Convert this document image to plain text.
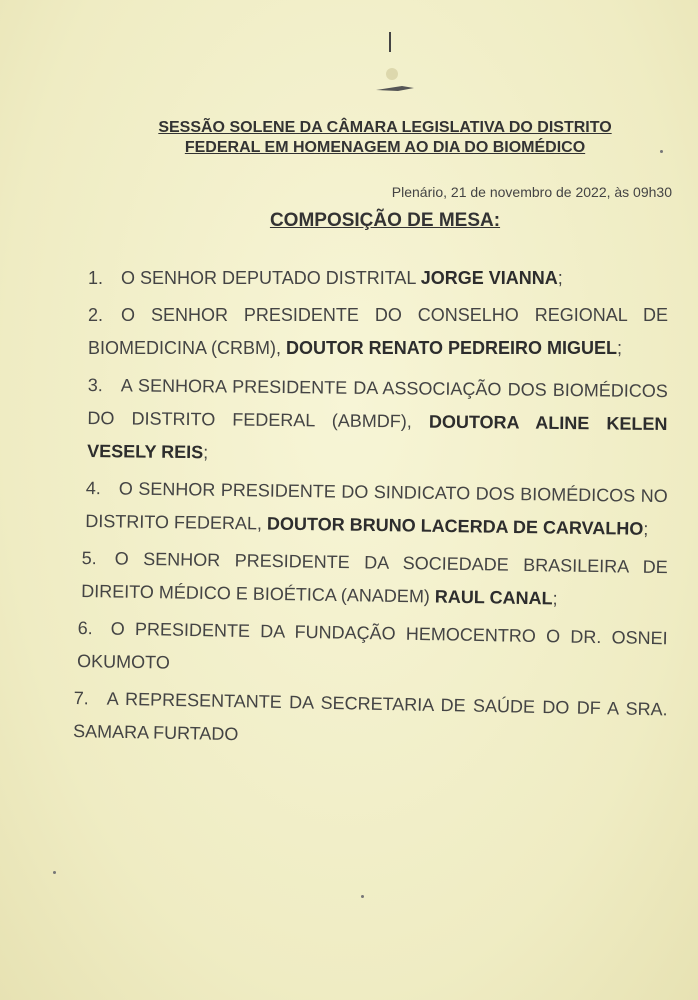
SESSÃO SOLENE DA CÂMARA LEGISLATIVA DO DISTRITO
FEDERAL EM HOMENAGEM AO DIA DO BIOMÉDICO
Plenário, 21 de novembro de 2022, às 09h30
COMPOSIÇÃO DE MESA:
1. O SENHOR DEPUTADO DISTRITAL JORGE VIANNA;
2. O SENHOR PRESIDENTE DO CONSELHO REGIONAL DE BIOMEDICINA (CRBM), DOUTOR RENATO PEDREIRO MIGUEL;
3. A SENHORA PRESIDENTE DA ASSOCIAÇÃO DOS BIOMÉDICOS DO DISTRITO FEDERAL (ABMDF), DOUTORA ALINE KELEN VESELY REIS;
4. O SENHOR PRESIDENTE DO SINDICATO DOS BIOMÉDICOS NO DISTRITO FEDERAL, DOUTOR BRUNO LACERDA DE CARVALHO;
5. O SENHOR PRESIDENTE DA SOCIEDADE BRASILEIRA DE DIREITO MÉDICO E BIOÉTICA (ANADEM) RAUL CANAL;
6. O PRESIDENTE DA FUNDAÇÃO HEMOCENTRO O DR. OSNEI OKUMOTO
7. A REPRESENTANTE DA SECRETARIA DE SAÚDE DO DF A SRA. SAMARA FURTADO
